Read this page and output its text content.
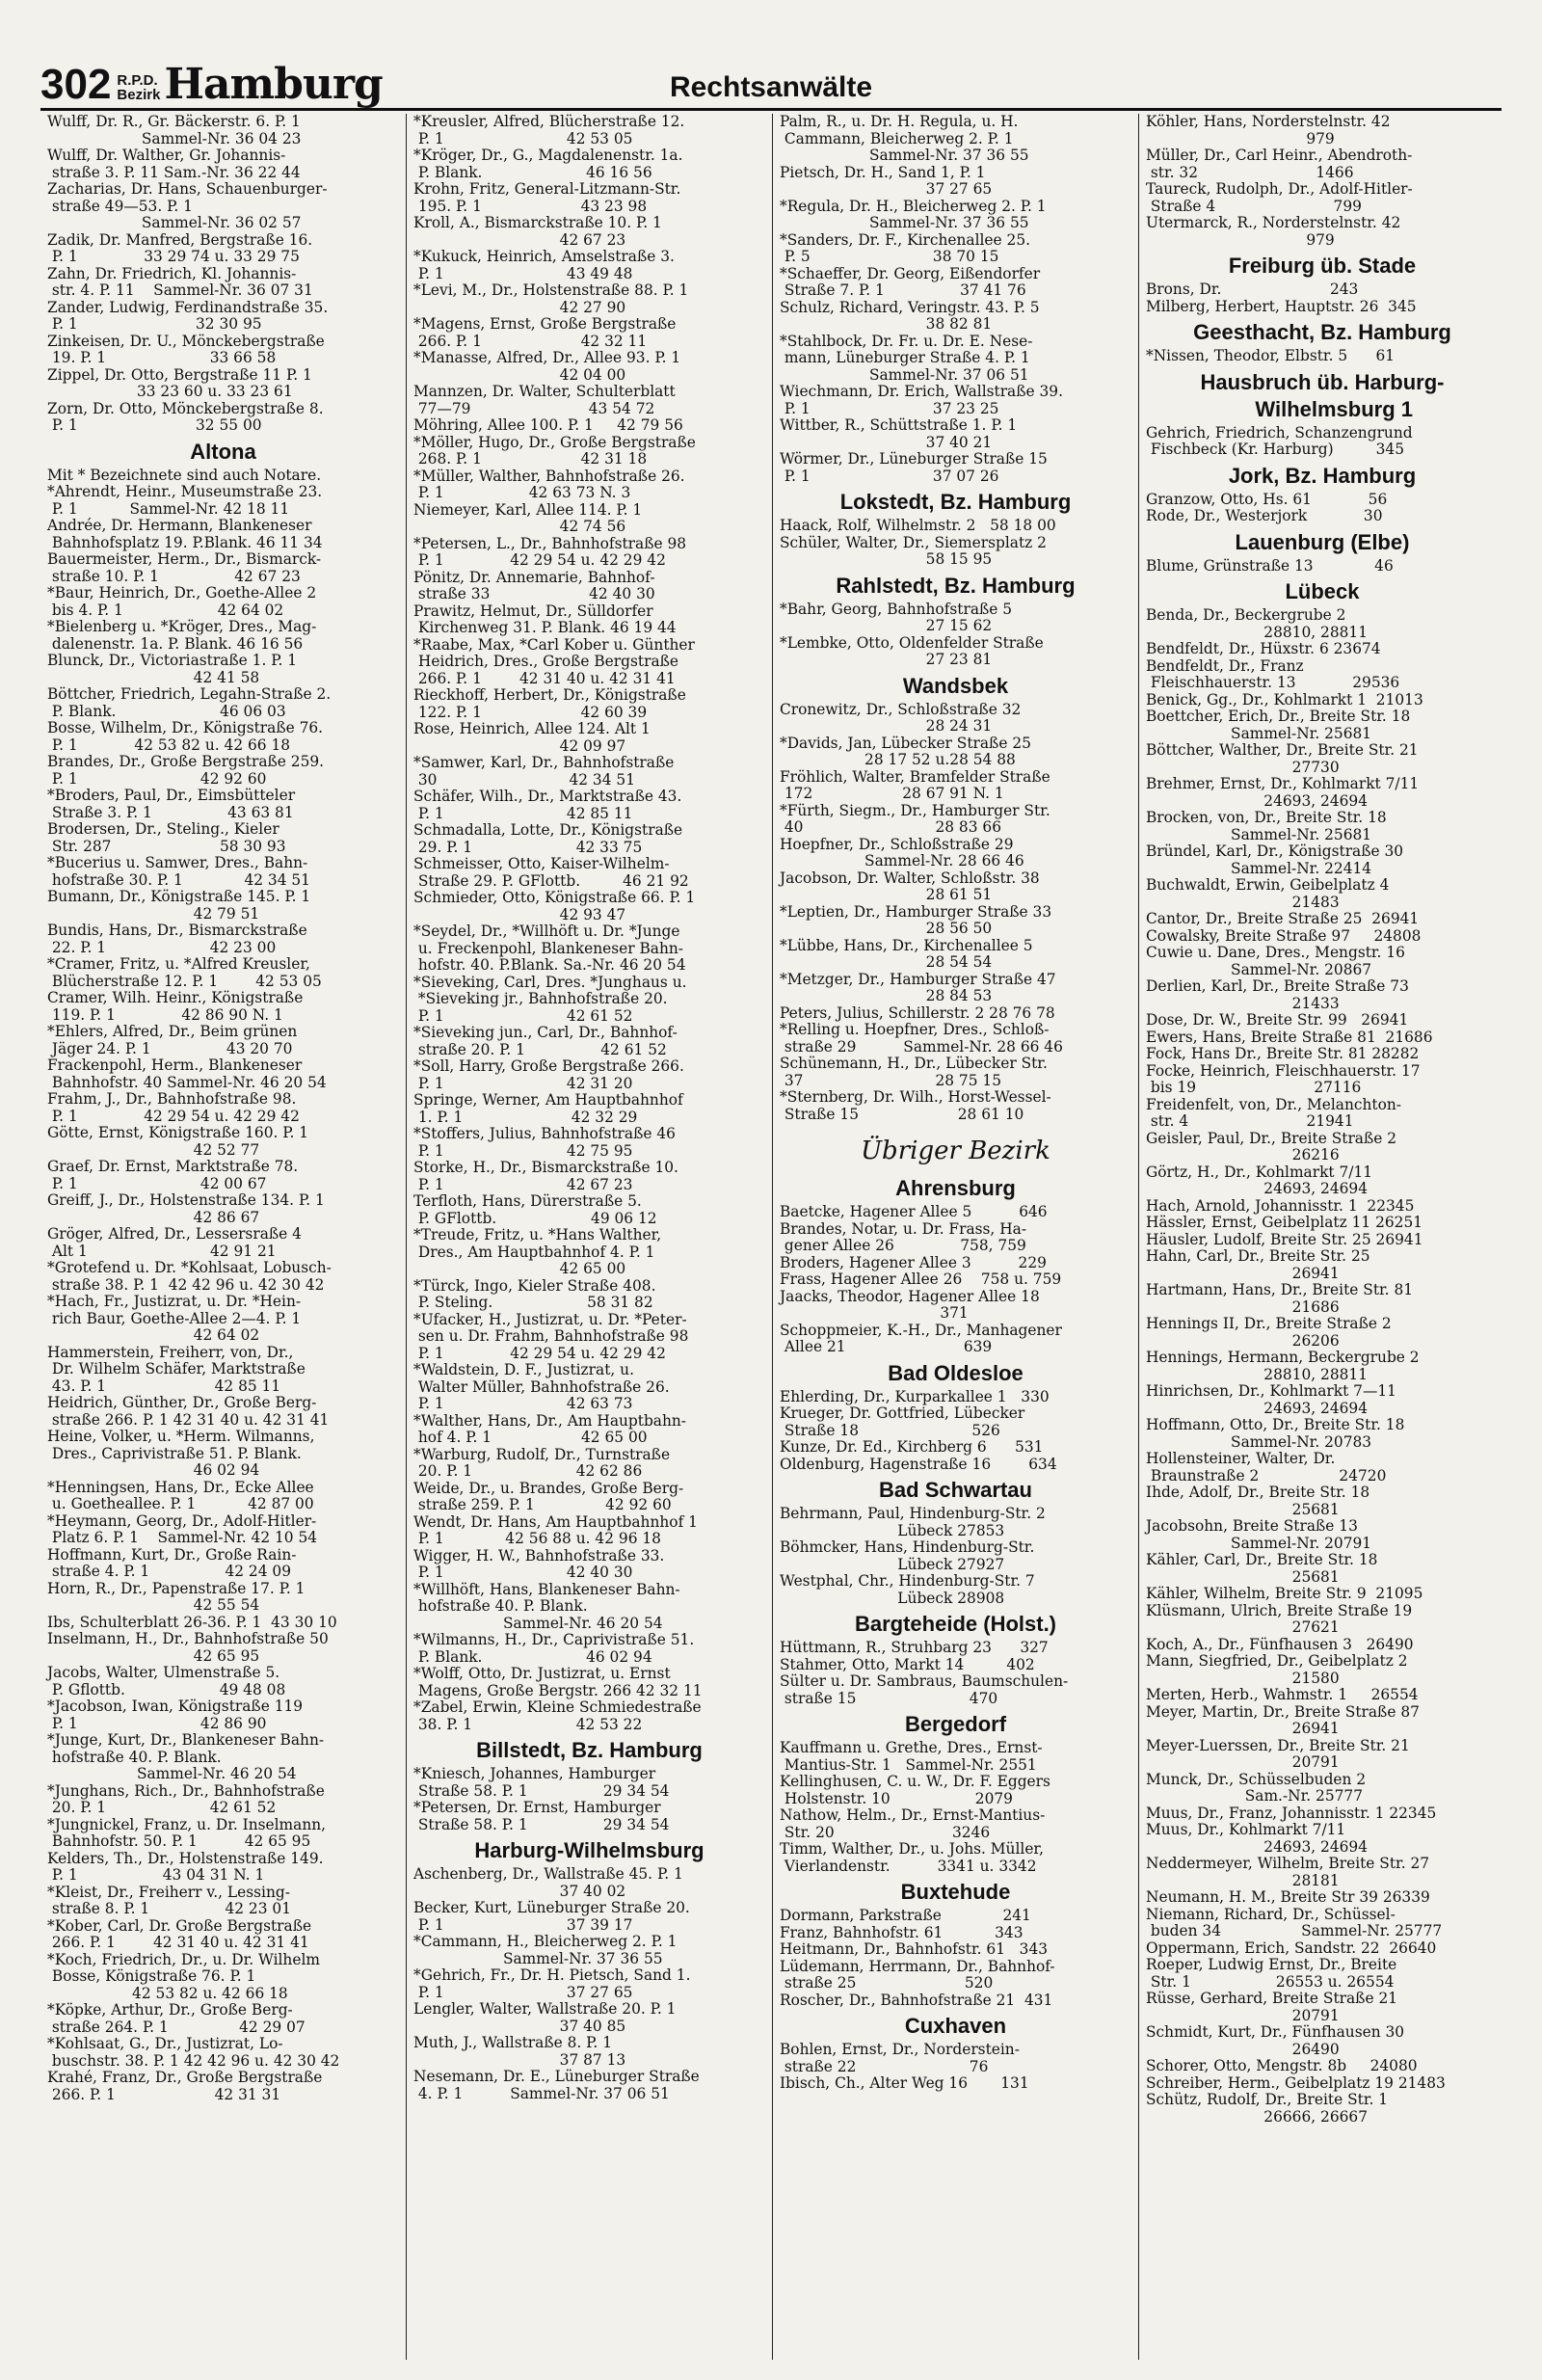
302 R.P.D.
Bezirk Hamburg	Rechtsanwälte
Wulff, Dr. R., Gr. Bäckerstr. 6. P. 1
Sammel-Nr. 36 04 23
Wulff, Dr. Walther, Gr. Johannis-
straße 3. P. 11 Sam.-Nr. 36 22 44
Zacharias, Dr. Hans, Schauenburger-
straße 49—53. P. 1
Sammel-Nr. 36 02 57
Zadik, Dr. Manfred, Bergstraße 16.
P. 1              33 29 74 u. 33 29 75
Zahn, Dr. Friedrich, Kl. Johannis-
str. 4. P. 11    Sammel-Nr. 36 07 31
Zander, Ludwig, Ferdinandstraße 35.
P. 1                         32 30 95
Zinkeisen, Dr. U., Mönckebergstraße
19. P. 1                      33 66 58
Zippel, Dr. Otto, Bergstraße 11 P. 1
33 23 60 u. 33 23 61
Zorn, Dr. Otto, Mönckebergstraße 8.
P. 1                         32 55 00
Altona
Mit * Bezeichnete sind auch Notare.
*Ahrendt, Heinr., Museumstraße 23.
P. 1           Sammel-Nr. 42 18 11
Andrée, Dr. Hermann, Blankeneser
Bahnhofsplatz 19. P.Blank. 46 11 34
Bauermeister, Herm., Dr., Bismarck-
straße 10. P. 1                42 67 23
*Baur, Heinrich, Dr., Goethe-Allee 2
bis 4. P. 1                    42 64 02
*Bielenberg u. *Kröger, Dres., Mag-
dalenenstr. 1a. P. Blank. 46 16 56
Blunck, Dr., Victoriastraße 1. P. 1
42 41 58
Böttcher, Friedrich, Legahn-Straße 2.
P. Blank.                      46 06 03
Bosse, Wilhelm, Dr., Königstraße 76.
P. 1            42 53 82 u. 42 66 18
Brandes, Dr., Große Bergstraße 259.
P. 1                          42 92 60
*Broders, Paul, Dr., Eimsbütteler
Straße 3. P. 1                43 63 81
Brodersen, Dr., Steling., Kieler
Str. 287                       58 30 93
*Bucerius u. Samwer, Dres., Bahn-
hofstraße 30. P. 1             42 34 51
Bumann, Dr., Königstraße 145. P. 1
42 79 51
Bundis, Hans, Dr., Bismarckstraße
22. P. 1                      42 23 00
*Cramer, Fritz, u. *Alfred Kreusler,
Blücherstraße 12. P. 1        42 53 05
Cramer, Wilh. Heinr., Königstraße
119. P. 1              42 86 90 N. 1
*Ehlers, Alfred, Dr., Beim grünen
Jäger 24. P. 1                43 20 70
Frackenpohl, Herm., Blankeneser
Bahnhofstr. 40 Sammel-Nr. 46 20 54
Frahm, J., Dr., Bahnhofstraße 98.
P. 1              42 29 54 u. 42 29 42
Götte, Ernst, Königstraße 160. P. 1
42 52 77
Graef, Dr. Ernst, Marktstraße 78.
P. 1                          42 00 67
Greiff, J., Dr., Holstenstraße 134. P. 1
42 86 67
Gröger, Alfred, Dr., Lessersraße 4
Alt 1                          42 91 21
*Grotefend u. Dr. *Kohlsaat, Lobusch-
straße 38. P. 1  42 42 96 u. 42 30 42
*Hach, Fr., Justizrat, u. Dr. *Hein-
rich Baur, Goethe-Allee 2—4. P. 1
42 64 02
Hammerstein, Freiherr, von, Dr.,
Dr. Wilhelm Schäfer, Marktstraße
43. P. 1                       42 85 11
Heidrich, Günther, Dr., Große Berg-
straße 266. P. 1 42 31 40 u. 42 31 41
Heine, Volker, u. *Herm. Wilmanns,
Dres., Caprivistraße 51. P. Blank.
46 02 94
*Henningsen, Hans, Dr., Ecke Allee
u. Goetheallee. P. 1           42 87 00
*Heymann, Georg, Dr., Adolf-Hitler-
Platz 6. P. 1    Sammel-Nr. 42 10 54
Hoffmann, Kurt, Dr., Große Rain-
straße 4. P. 1                42 24 09
Horn, R., Dr., Papenstraße 17. P. 1
42 55 54
Ibs, Schulterblatt 26-36. P. 1  43 30 10
Inselmann, H., Dr., Bahnhofstraße 50
42 65 95
Jacobs, Walter, Ulmenstraße 5.
P. Gflottb.                    49 48 08
*Jacobson, Iwan, Königstraße 119
P. 1                          42 86 90
*Junge, Kurt, Dr., Blankeneser Bahn-
hofstraße 40. P. Blank.
Sammel-Nr. 46 20 54
*Junghans, Rich., Dr., Bahnhofstraße
20. P. 1                      42 61 52
*Jungnickel, Franz, u. Dr. Inselmann,
Bahnhofstr. 50. P. 1          42 65 95
Kelders, Th., Dr., Holstenstraße 149.
P. 1                  43 04 31 N. 1
*Kleist, Dr., Freiherr v., Lessing-
straße 8. P. 1                42 23 01
*Kober, Carl, Dr. Große Bergstraße
266. P. 1        42 31 40 u. 42 31 41
*Koch, Friedrich, Dr., u. Dr. Wilhelm
Bosse, Königstraße 76. P. 1
42 53 82 u. 42 66 18
*Köpke, Arthur, Dr., Große Berg-
straße 264. P. 1               42 29 07
*Kohlsaat, G., Dr., Justizrat, Lo-
buschstr. 38. P. 1 42 42 96 u. 42 30 42
Krahé, Franz, Dr., Große Bergstraße
266. P. 1                     42 31 31
*Kreusler, Alfred, Blücherstraße 12.
P. 1                          42 53 05
*Kröger, Dr., G., Magdalenenstr. 1a.
P. Blank.                      46 16 56
Krohn, Fritz, General-Litzmann-Str.
195. P. 1                     43 23 98
Kroll, A., Bismarckstraße 10. P. 1
42 67 23
*Kukuck, Heinrich, Amselstraße 3.
P. 1                          43 49 48
*Levi, M., Dr., Holstenstraße 88. P. 1
42 27 90
*Magens, Ernst, Große Bergstraße
266. P. 1                     42 32 11
*Manasse, Alfred, Dr., Allee 93. P. 1
42 04 00
Mannzen, Dr. Walter, Schulterblatt
77—79                         43 54 72
Möhring, Allee 100. P. 1     42 79 56
*Möller, Hugo, Dr., Große Bergstraße
268. P. 1                     42 31 18
*Müller, Walther, Bahnhofstraße 26.
P. 1                  42 63 73 N. 3
Niemeyer, Karl, Allee 114. P. 1
42 74 56
*Petersen, L., Dr., Bahnhofstraße 98
P. 1              42 29 54 u. 42 29 42
Pönitz, Dr. Annemarie, Bahnhof-
straße 33                     42 40 30
Prawitz, Helmut, Dr., Sülldorfer
Kirchenweg 31. P. Blank. 46 19 44
*Raabe, Max, *Carl Kober u. Günther
Heidrich, Dres., Große Bergstraße
266. P. 1        42 31 40 u. 42 31 41
Rieckhoff, Herbert, Dr., Königstraße
122. P. 1                     42 60 39
Rose, Heinrich, Allee 124. Alt 1
42 09 97
*Samwer, Karl, Dr., Bahnhofstraße
30                            42 34 51
Schäfer, Wilh., Dr., Marktstraße 43.
P. 1                          42 85 11
Schmadalla, Lotte, Dr., Königstraße
29. P. 1                      42 33 75
Schmeisser, Otto, Kaiser-Wilhelm-
Straße 29. P. GFlottb.         46 21 92
Schmieder, Otto, Königstraße 66. P. 1
42 93 47
*Seydel, Dr., *Willhöft u. Dr. *Junge
u. Freckenpohl, Blankeneser Bahn-
hofstr. 40. P.Blank. Sa.-Nr. 46 20 54
*Sieveking, Carl, Dres. *Junghaus u.
*Sieveking jr., Bahnhofstraße 20.
P. 1                          42 61 52
*Sieveking jun., Carl, Dr., Bahnhof-
straße 20. P. 1                42 61 52
*Soll, Harry, Große Bergstraße 266.
P. 1                          42 31 20
Springe, Werner, Am Hauptbahnhof
1. P. 1                       42 32 29
*Stoffers, Julius, Bahnhofstraße 46
P. 1                          42 75 95
Storke, H., Dr., Bismarckstraße 10.
P. 1                          42 67 23
Terfloth, Hans, Dürerstraße 5.
P. GFlottb.                    49 06 12
*Treude, Fritz, u. *Hans Walther,
Dres., Am Hauptbahnhof 4. P. 1
42 65 00
*Türck, Ingo, Kieler Straße 408.
P. Steling.                    58 31 82
*Ufacker, H., Justizrat, u. Dr. *Peter-
sen u. Dr. Frahm, Bahnhofstraße 98
P. 1              42 29 54 u. 42 29 42
*Waldstein, D. F., Justizrat, u.
Walter Müller, Bahnhofstraße 26.
P. 1                          42 63 73
*Walther, Hans, Dr., Am Hauptbahn-
hof 4. P. 1                   42 65 00
*Warburg, Rudolf, Dr., Turnstraße
20. P. 1                      42 62 86
Weide, Dr., u. Brandes, Große Berg-
straße 259. P. 1               42 92 60
Wendt, Dr. Hans, Am Hauptbahnhof 1
P. 1             42 56 88 u. 42 96 18
Wigger, H. W., Bahnhofstraße 33.
P. 1                          42 40 30
*Willhöft, Hans, Blankeneser Bahn-
hofstraße 40. P. Blank.
Sammel-Nr. 46 20 54
*Wilmanns, H., Dr., Caprivistraße 51.
P. Blank.                      46 02 94
*Wolff, Otto, Dr. Justizrat, u. Ernst
Magens, Große Bergstr. 266 42 32 11
*Zabel, Erwin, Kleine Schmiedestraße
38. P. 1                      42 53 22
Billstedt, Bz. Hamburg
*Kniesch, Johannes, Hamburger
Straße 58. P. 1                29 34 54
*Petersen, Dr. Ernst, Hamburger
Straße 58. P. 1                29 34 54
Harburg-Wilhelmsburg
Aschenberg, Dr., Wallstraße 45. P. 1
37 40 02
Becker, Kurt, Lüneburger Straße 20.
P. 1                          37 39 17
*Cammann, H., Bleicherweg 2. P. 1
Sammel-Nr. 37 36 55
*Gehrich, Fr., Dr. H. Pietsch, Sand 1.
P. 1                          37 27 65
Lengler, Walter, Wallstraße 20. P. 1
37 40 85
Muth, J., Wallstraße 8. P. 1
37 87 13
Nesemann, Dr. E., Lüneburger Straße
4. P. 1          Sammel-Nr. 37 06 51
Palm, R., u. Dr. H. Regula, u. H.
Cammann, Bleicherweg 2. P. 1
Sammel-Nr. 37 36 55
Pietsch, Dr. H., Sand 1, P. 1
37 27 65
*Regula, Dr. H., Bleicherweg 2. P. 1
Sammel-Nr. 37 36 55
*Sanders, Dr. F., Kirchenallee 25.
P. 5                          38 70 15
*Schaeffer, Dr. Georg, Eißendorfer
Straße 7. P. 1                37 41 76
Schulz, Richard, Veringstr. 43. P. 5
38 82 81
*Stahlbock, Dr. Fr. u. Dr. E. Nese-
mann, Lüneburger Straße 4. P. 1
Sammel-Nr. 37 06 51
Wiechmann, Dr. Erich, Wallstraße 39.
P. 1                          37 23 25
Wittber, R., Schüttstraße 1. P. 1
37 40 21
Wörmer, Dr., Lüneburger Straße 15
P. 1                          37 07 26
Lokstedt, Bz. Hamburg
Haack, Rolf, Wilhelmstr. 2   58 18 00
Schüler, Walter, Dr., Siemersplatz 2
58 15 95
Rahlstedt, Bz. Hamburg
*Bahr, Georg, Bahnhofstraße 5
27 15 62
*Lembke, Otto, Oldenfelder Straße
27 23 81
Wandsbek
Cronewitz, Dr., Schloßstraße 32
28 24 31
*Davids, Jan, Lübecker Straße 25
28 17 52 u.28 54 88
Fröhlich, Walter, Bramfelder Straße
172                   28 67 91 N. 1
*Fürth, Siegm., Dr., Hamburger Str.
40                            28 83 66
Hoepfner, Dr., Schloßstraße 29
Sammel-Nr. 28 66 46
Jacobson, Dr. Walter, Schloßstr. 38
28 61 51
*Leptien, Dr., Hamburger Straße 33
28 56 50
*Lübbe, Hans, Dr., Kirchenallee 5
28 54 54
*Metzger, Dr., Hamburger Straße 47
28 84 53
Peters, Julius, Schillerstr. 2 28 76 78
*Relling u. Hoepfner, Dres., Schloß-
straße 29          Sammel-Nr. 28 66 46
Schünemann, H., Dr., Lübecker Str.
37                            28 75 15
*Sternberg, Dr. Wilh., Horst-Wessel-
Straße 15                     28 61 10
Übriger Bezirk
Ahrensburg
Baetcke, Hagener Allee 5          646
Brandes, Notar, u. Dr. Frass, Ha-
gener Allee 26              758, 759
Broders, Hagener Allee 3          229
Frass, Hagener Allee 26    758 u. 759
Jaacks, Theodor, Hagener Allee 18
371
Schoppmeier, K.-H., Dr., Manhagener
Allee 21                         639
Bad Oldesloe
Ehlerding, Dr., Kurparkallee 1   330
Krueger, Dr. Gottfried, Lübecker
Straße 18                        526
Kunze, Dr. Ed., Kirchberg 6      531
Oldenburg, Hagenstraße 16        634
Bad Schwartau
Behrmann, Paul, Hindenburg-Str. 2
Lübeck 27853
Böhmcker, Hans, Hindenburg-Str.
Lübeck 27927
Westphal, Chr., Hindenburg-Str. 7
Lübeck 28908
Bargteheide (Holst.)
Hüttmann, R., Struhbarg 23      327
Stahmer, Otto, Markt 14         402
Sülter u. Dr. Sambraus, Baumschulen-
straße 15                        470
Bergedorf
Kauffmann u. Grethe, Dres., Ernst-
Mantius-Str. 1   Sammel-Nr. 2551
Kellinghusen, C. u. W., Dr. F. Eggers
Holstenstr. 10                  2079
Nathow, Helm., Dr., Ernst-Mantius-
Str. 20                         3246
Timm, Walther, Dr., u. Johs. Müller,
Vierlandenstr.          3341 u. 3342
Buxtehude
Dormann, Parkstraße             241
Franz, Bahnhofstr. 61           343
Heitmann, Dr., Bahnhofstr. 61   343
Lüdemann, Herrmann, Dr., Bahnhof-
straße 25                       520
Roscher, Dr., Bahnhofstraße 21  431
Cuxhaven
Bohlen, Ernst, Dr., Norderstein-
straße 22                        76
Ibisch, Ch., Alter Weg 16       131
Köhler, Hans, Norderstelnstr. 42
979
Müller, Dr., Carl Heinr., Abendroth-
str. 32                         1466
Taureck, Rudolph, Dr., Adolf-Hitler-
Straße 4                         799
Utermarck, R., Norderstelnstr. 42
979
Freiburg üb. Stade
Brons, Dr.                       243
Milberg, Herbert, Hauptstr. 26  345
Geesthacht, Bz. Hamburg
*Nissen, Theodor, Elbstr. 5      61
Hausbruch üb. Harburg-
Wilhelmsburg 1
Gehrich, Friedrich, Schanzengrund
Fischbeck (Kr. Harburg)         345
Jork, Bz. Hamburg
Granzow, Otto, Hs. 61            56
Rode, Dr., Westerjork            30
Lauenburg (Elbe)
Blume, Grünstraße 13             46
Lübeck
Benda, Dr., Beckergrube 2
28810, 28811
Bendfeldt, Dr., Hüxstr. 6 23674
Bendfeldt, Dr., Franz
Fleischhauerstr. 13            29536
Benick, Gg., Dr., Kohlmarkt 1  21013
Boettcher, Erich, Dr., Breite Str. 18
Sammel-Nr. 25681
Böttcher, Walther, Dr., Breite Str. 21
27730
Brehmer, Ernst, Dr., Kohlmarkt 7/11
24693, 24694
Brocken, von, Dr., Breite Str. 18
Sammel-Nr. 25681
Bründel, Karl, Dr., Königstraße 30
Sammel-Nr. 22414
Buchwaldt, Erwin, Geibelplatz 4
21483
Cantor, Dr., Breite Straße 25  26941
Cowalsky, Breite Straße 97     24808
Cuwie u. Dane, Dres., Mengstr. 16
Sammel-Nr. 20867
Derlien, Karl, Dr., Breite Straße 73
21433
Dose, Dr. W., Breite Str. 99   26941
Ewers, Hans, Breite Straße 81  21686
Fock, Hans Dr., Breite Str. 81 28282
Focke, Heinrich, Fleischhauerstr. 17
bis 19                         27116
Freidenfelt, von, Dr., Melanchton-
str. 4                         21941
Geisler, Paul, Dr., Breite Straße 2
26216
Görtz, H., Dr., Kohlmarkt 7/11
24693, 24694
Hach, Arnold, Johannisstr. 1  22345
Hässler, Ernst, Geibelplatz 11 26251
Häusler, Ludolf, Breite Str. 25 26941
Hahn, Carl, Dr., Breite Str. 25
26941
Hartmann, Hans, Dr., Breite Str. 81
21686
Hennings II, Dr., Breite Straße 2
26206
Hennings, Hermann, Beckergrube 2
28810, 28811
Hinrichsen, Dr., Kohlmarkt 7—11
24693, 24694
Hoffmann, Otto, Dr., Breite Str. 18
Sammel-Nr. 20783
Hollensteiner, Walter, Dr.
Braunstraße 2                 24720
Ihde, Adolf, Dr., Breite Str. 18
25681
Jacobsohn, Breite Straße 13
Sammel-Nr. 20791
Kähler, Carl, Dr., Breite Str. 18
25681
Kähler, Wilhelm, Breite Str. 9  21095
Klüsmann, Ulrich, Breite Straße 19
27621
Koch, A., Dr., Fünfhausen 3   26490
Mann, Siegfried, Dr., Geibelplatz 2
21580
Merten, Herb., Wahmstr. 1     26554
Meyer, Martin, Dr., Breite Straße 87
26941
Meyer-Luerssen, Dr., Breite Str. 21
20791
Munck, Dr., Schüsselbuden 2
Sam.-Nr. 25777
Muus, Dr., Franz, Johannisstr. 1 22345
Muus, Dr., Kohlmarkt 7/11
24693, 24694
Neddermeyer, Wilhelm, Breite Str. 27
28181
Neumann, H. M., Breite Str 39 26339
Niemann, Richard, Dr., Schüssel-
buden 34                 Sammel-Nr. 25777
Oppermann, Erich, Sandstr. 22  26640
Roeper, Ludwig Ernst, Dr., Breite
Str. 1                  26553 u. 26554
Rüsse, Gerhard, Breite Straße 21
20791
Schmidt, Kurt, Dr., Fünfhausen 30
26490
Schorer, Otto, Mengstr. 8b     24080
Schreiber, Herm., Geibelplatz 19 21483
Schütz, Rudolf, Dr., Breite Str. 1
26666, 26667
